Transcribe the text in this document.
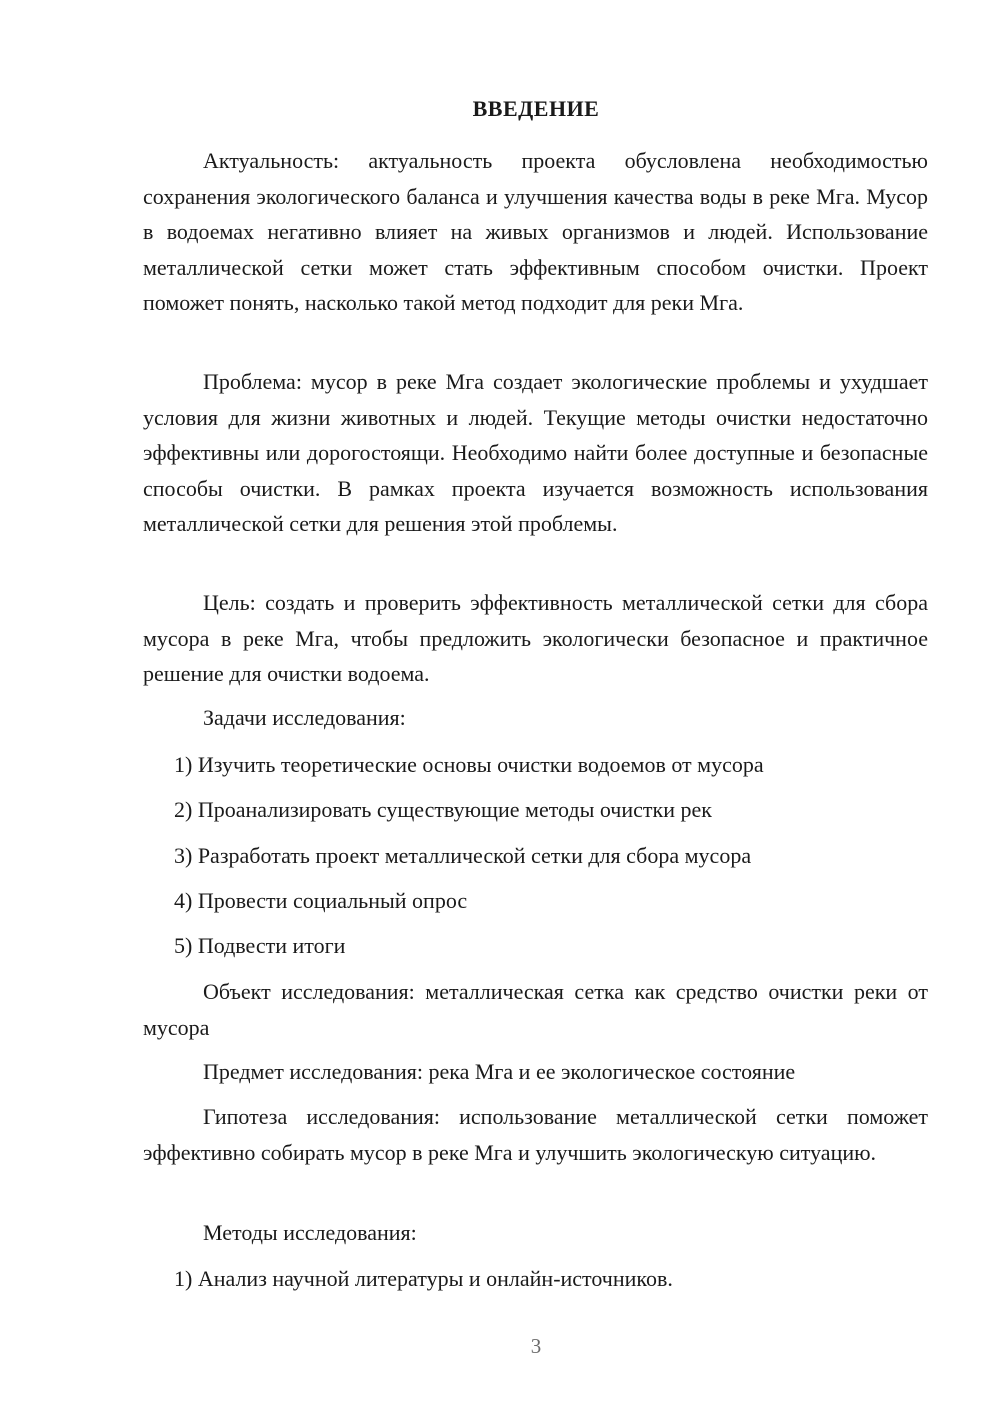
ВВЕДЕНИЕ

Актуальность: актуальность проекта обусловлена необходимостью сохранения экологического баланса и улучшения качества воды в реке Мга. Мусор в водоемах негативно влияет на живых организмов и людей. Использование металлической сетки может стать эффективным способом очистки. Проект поможет понять, насколько такой метод подходит для реки Мга.

Проблема: мусор в реке Мга создает экологические проблемы и ухудшает условия для жизни животных и людей. Текущие методы очистки недостаточно эффективны или дорогостоящи. Необходимо найти более доступные и безопасные способы очистки. В рамках проекта изучается возможность использования металлической сетки для решения этой проблемы.

Цель: создать и проверить эффективность металлической сетки для сбора мусора в реке Мга, чтобы предложить экологически безопасное и практичное решение для очистки водоема.

Задачи исследования:

1) Изучить теоретические основы очистки водоемов от мусора

2) Проанализировать существующие методы очистки рек

3) Разработать проект металлической сетки для сбора мусора

4) Провести социальный опрос

5) Подвести итоги

Объект исследования: металлическая сетка как средство очистки реки от мусора

Предмет исследования: река Мга и ее экологическое состояние

Гипотеза исследования: использование металлической сетки поможет эффективно собирать мусор в реке Мга и улучшить экологическую ситуацию.

Методы исследования:

1) Анализ научной литературы и онлайн-источников.

3
